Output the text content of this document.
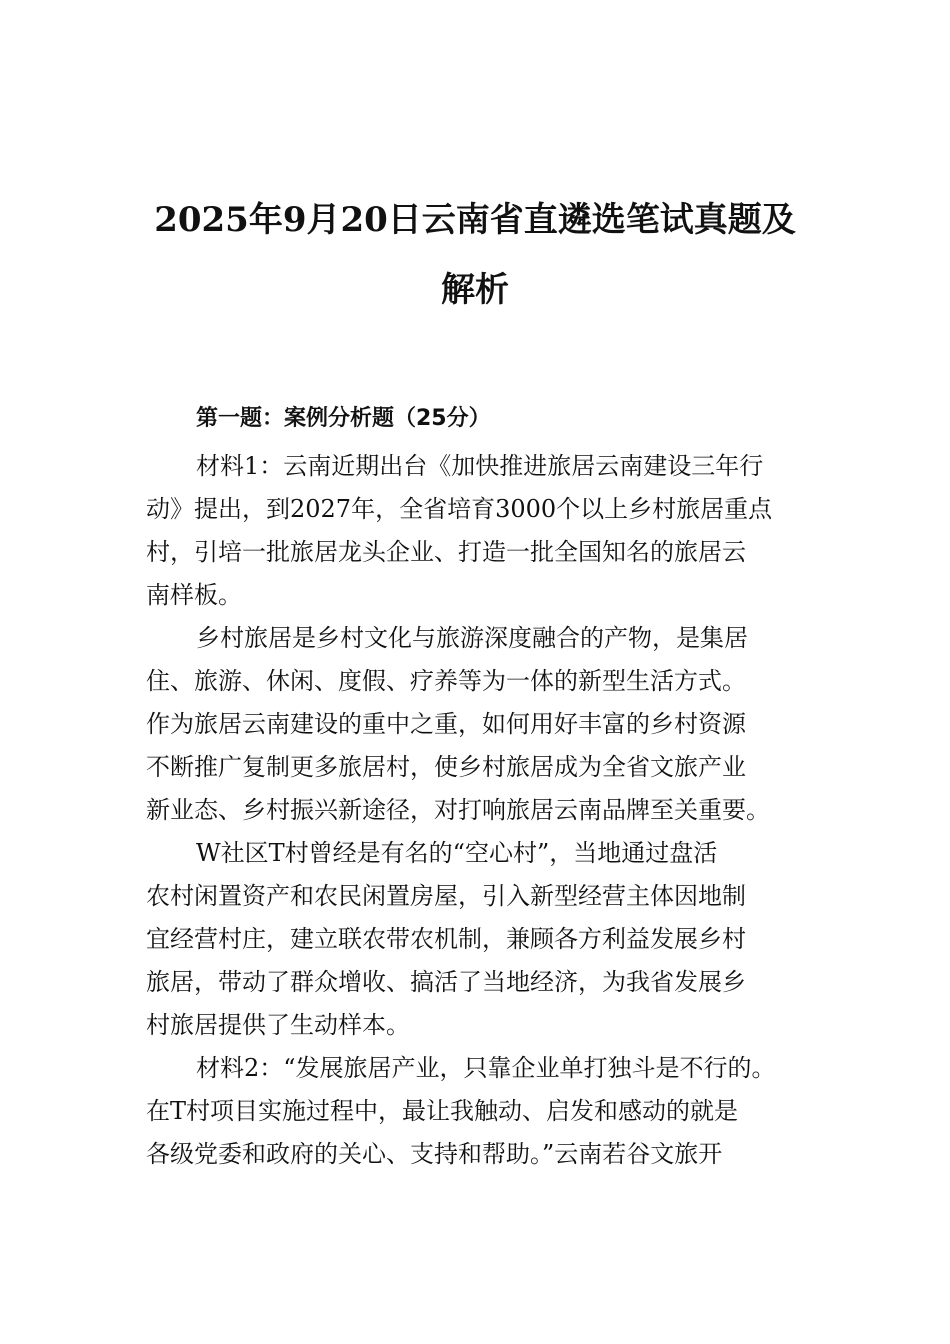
2025年9月20日云南省直遴选笔试真题及
解析
第一题：案例分析题（25分）
材料1：云南近期出台《加快推进旅居云南建设三年行
动》提出，到2027年，全省培育3000个以上乡村旅居重点
村，引培一批旅居龙头企业、打造一批全国知名的旅居云
南样板。
乡村旅居是乡村文化与旅游深度融合的产物，是集居
住、旅游、休闲、度假、疗养等为一体的新型生活方式。
作为旅居云南建设的重中之重，如何用好丰富的乡村资源
不断推广复制更多旅居村，使乡村旅居成为全省文旅产业
新业态、乡村振兴新途径，对打响旅居云南品牌至关重要。
W社区T村曾经是有名的“空心村”，当地通过盘活
农村闲置资产和农民闲置房屋，引入新型经营主体因地制
宜经营村庄，建立联农带农机制，兼顾各方利益发展乡村
旅居，带动了群众增收、搞活了当地经济，为我省发展乡
村旅居提供了生动样本。
材料2：“发展旅居产业，只靠企业单打独斗是不行的。
在T村项目实施过程中，最让我触动、启发和感动的就是
各级党委和政府的关心、支持和帮助。”云南若谷文旅开
